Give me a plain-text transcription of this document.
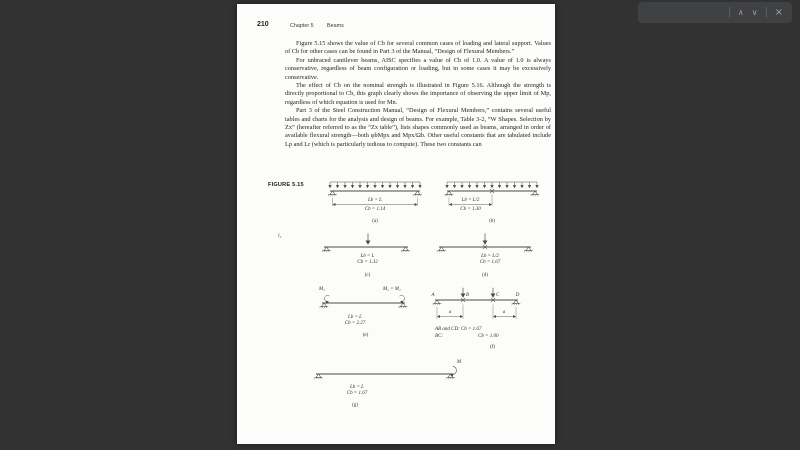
∧ ∨ ×
210	Chapter 5 Beams

Figure 5.15 shows the value of Cb for several common cases of loading and lateral support. Values of Cb for other cases can be found in Part 3 of the Manual, “Design of Flexural Members.”

For unbraced cantilever beams, AISC specifies a value of Cb of 1.0. A value of 1.0 is always conservative, regardless of beam configuration or loading, but in some cases it may be excessively conservative.

The effect of Cb on the nominal strength is illustrated in Figure 5.16. Although the strength is directly proportional to Cb, this graph clearly shows the importance of observing the upper limit of Mp, regardless of which equation is used for Mn.

Part 3 of the Steel Construction Manual, “Design of Flexural Members,” contains several useful tables and charts for the analysis and design of beams. For example, Table 3-2, “W Shapes. Selection by Zx” (hereafter referred to as the “Zx table”), lists shapes commonly used as beams, arranged in order of available flexural strength—both φbMpx and Mpx/Ωb. Other useful constants that are tabulated include Lp and Lr (which is particularly tedious to compute). These two constants can

FIGURE 5.15
l₂
Lb = L
Cb = 1.14
(a)
Lb = L/2
Cb = 1.30
(b)
Lb = L
Cb = 1.32
(c)
Lb = L/2
Cb = 1.67
(d)
M₁	M₂ = M₁
Lb = L
Cb = 2.27
(e)
A	B	C	D
a	a
AB and CD: Cb = 1.67
BC:	Cb = 1.00
(f)
M
Lb = L
Cb = 1.67
(g)
